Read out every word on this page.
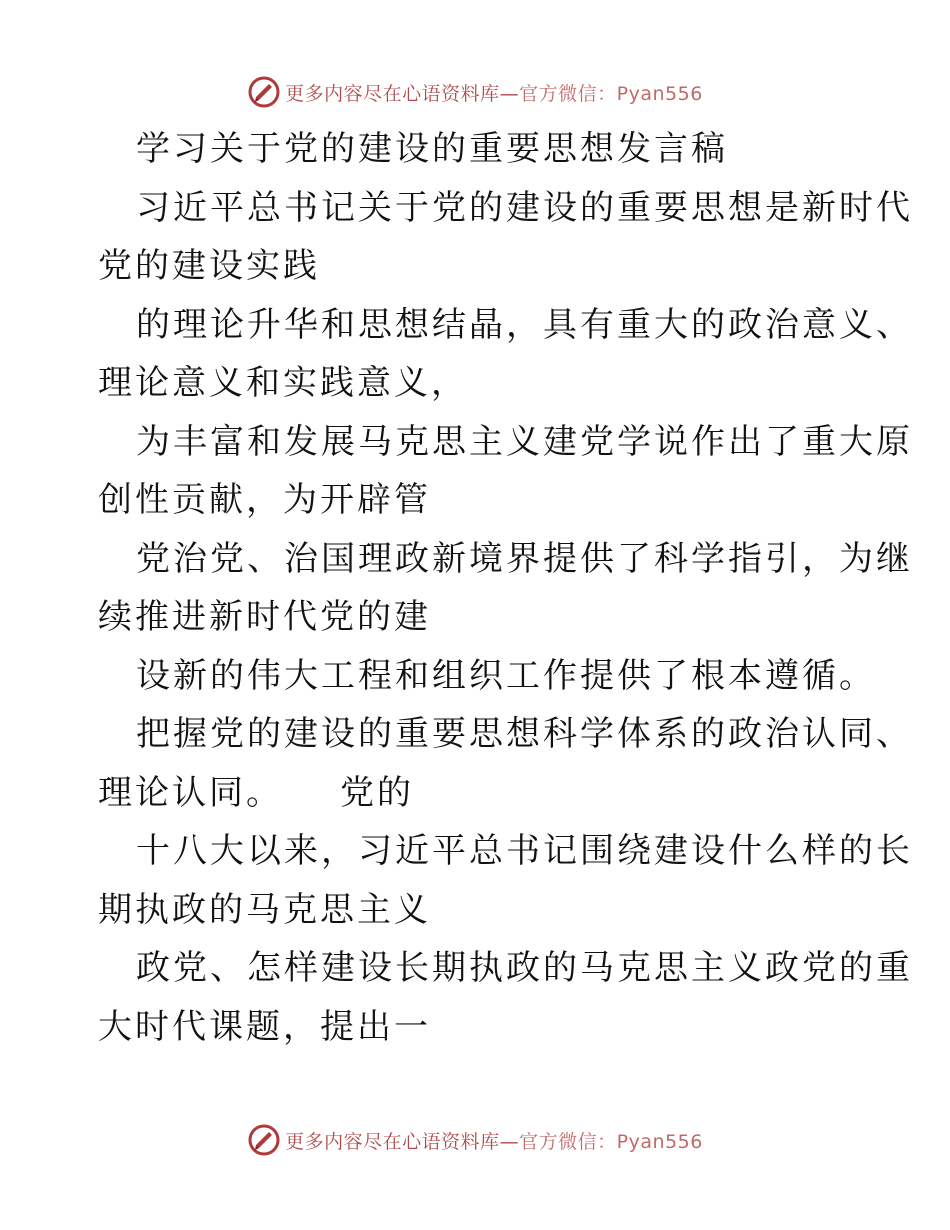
更多内容尽在心语资料库—官方微信：Pyan556
学习关于党的建设的重要思想发言稿
习近平总书记关于党的建设的重要思想是新时代
党的建设实践
的理论升华和思想结晶，具有重大的政治意义、
理论意义和实践意义，
为丰富和发展马克思主义建党学说作出了重大原
创性贡献，为开辟管
党治党、治国理政新境界提供了科学指引，为继
续推进新时代党的建
设新的伟大工程和组织工作提供了根本遵循。
把握党的建设的重要思想科学体系的政治认同、
理论认同。　　党的
十八大以来，习近平总书记围绕建设什么样的长
期执政的马克思主义
政党、怎样建设长期执政的马克思主义政党的重
大时代课题，提出一
更多内容尽在心语资料库—官方微信：Pyan556
